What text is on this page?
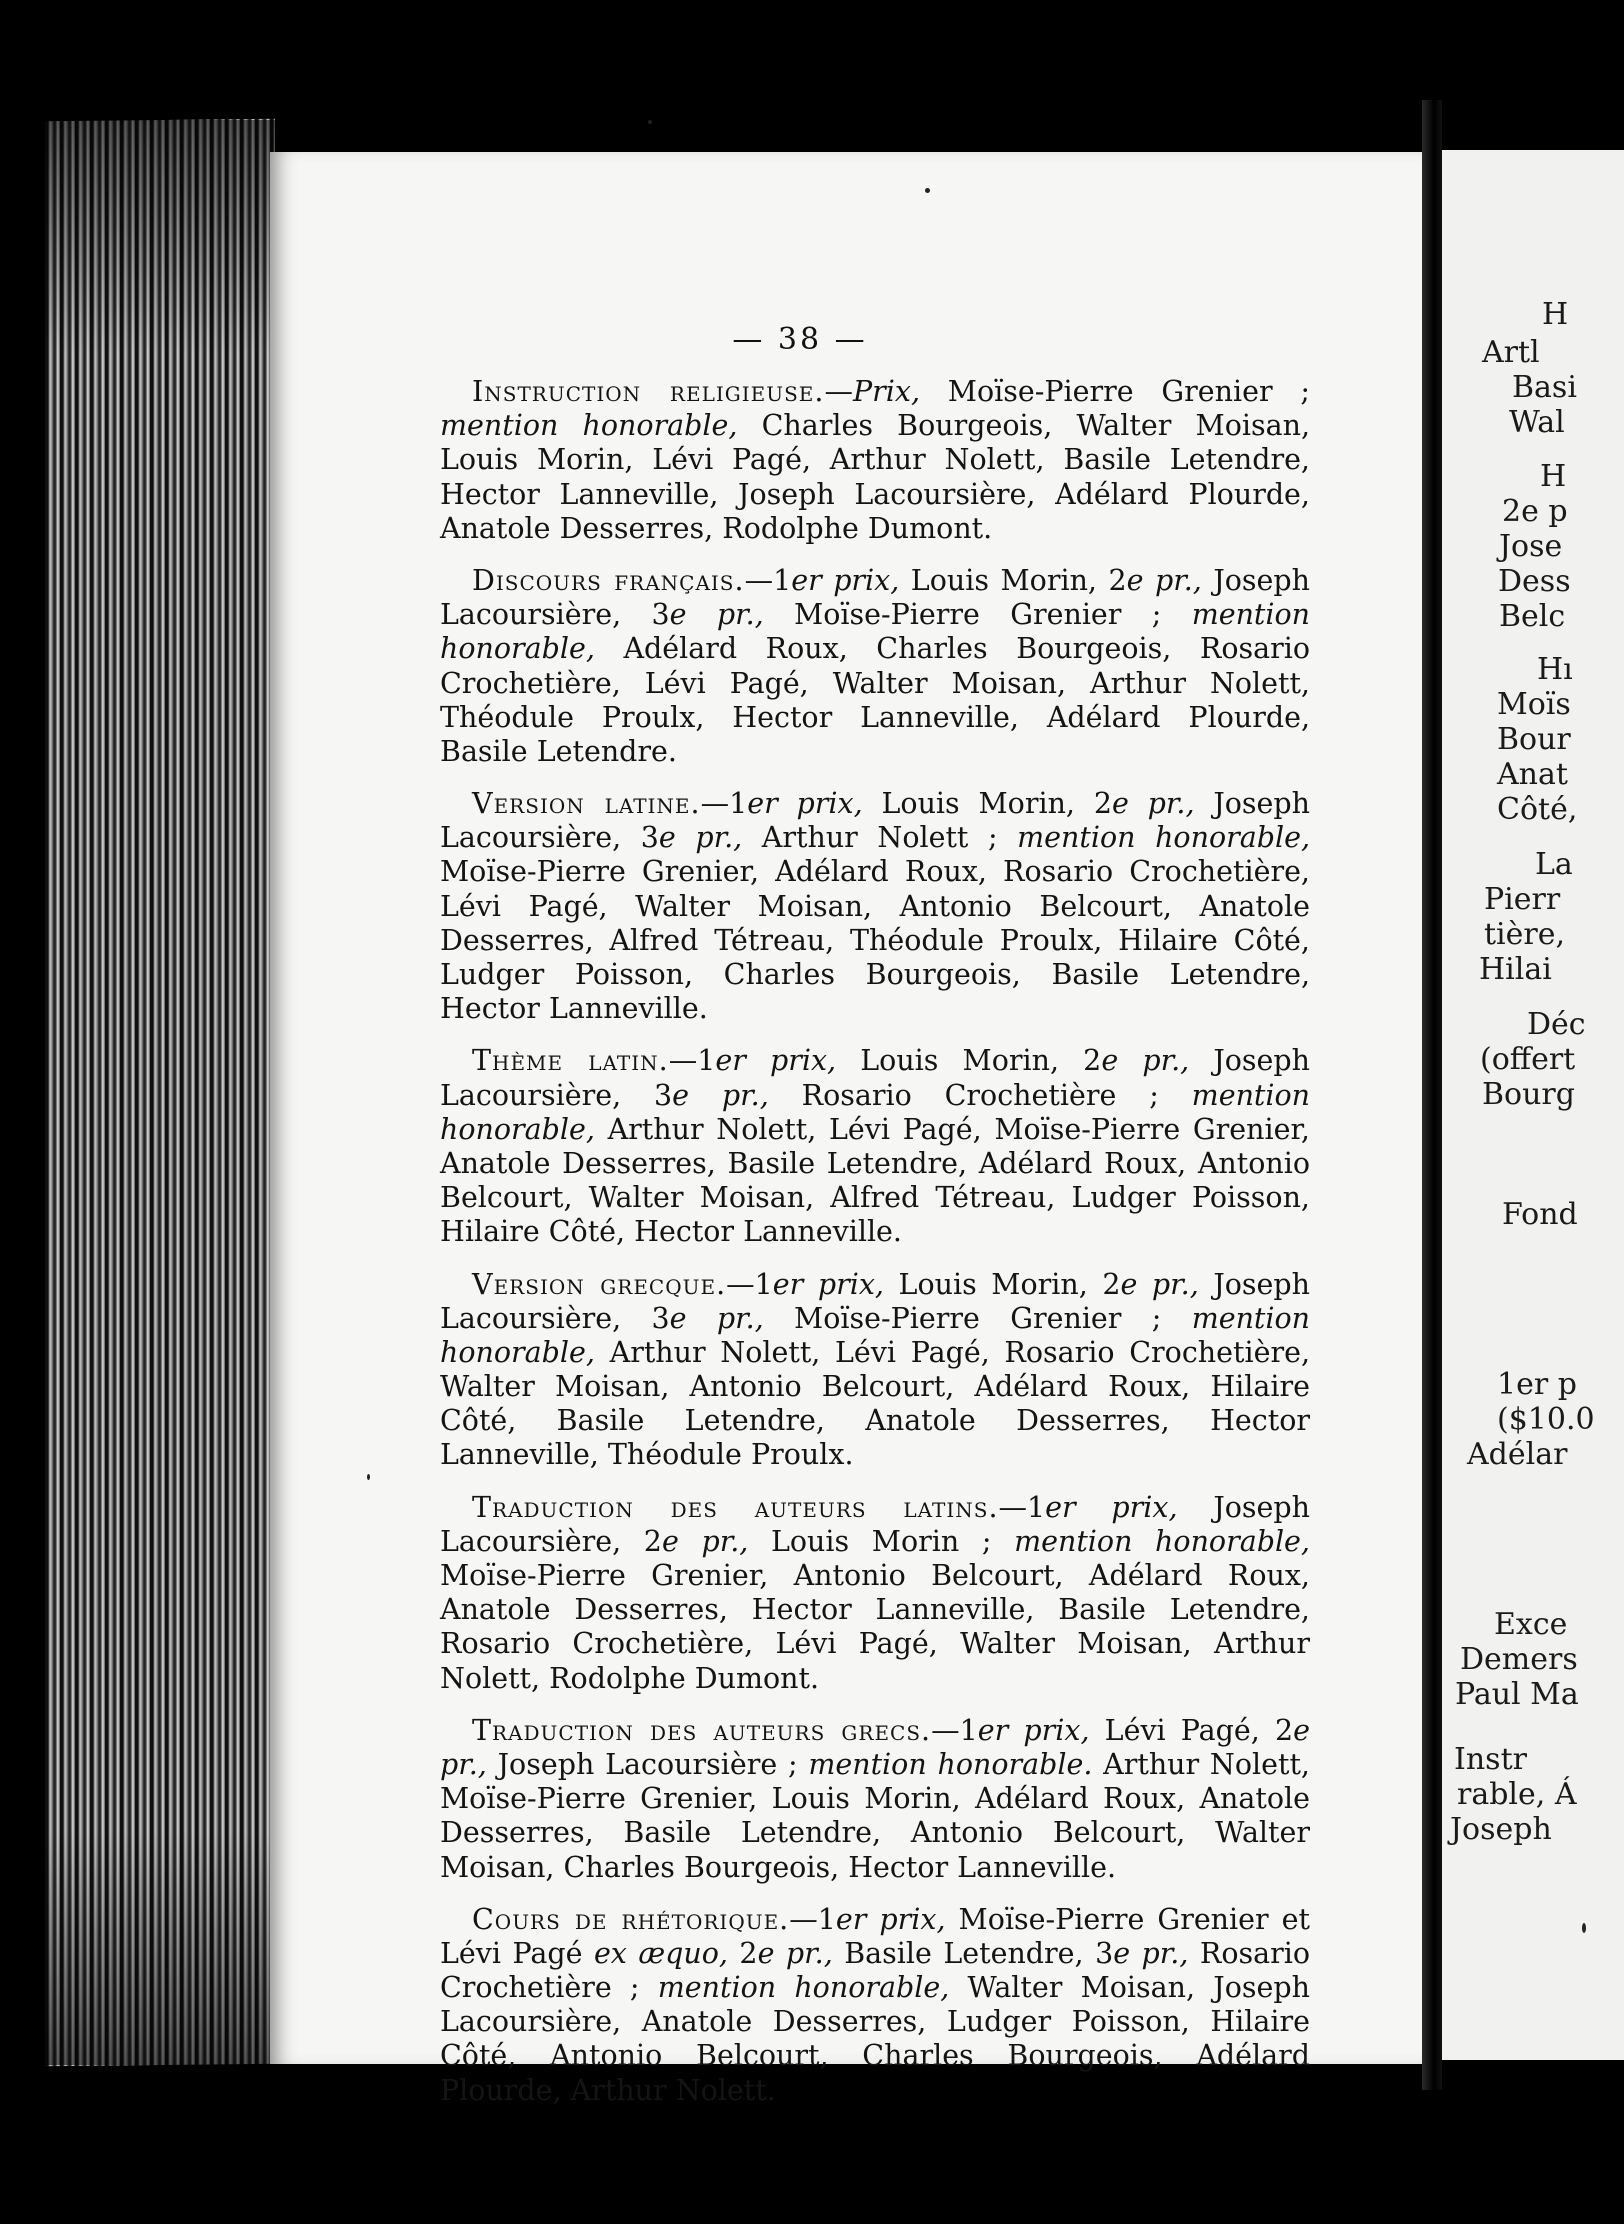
H
Artl
Basi
Wal
H
2e p
Jose
Dess
Belc
Hı
Moïs
Bour
Anat
Côté,
La
Pierr
tière,
Hilai
Déc
(offert
Bourg
Fond
1er p
($10.0
Adélar
Exce
Demers
Paul Ma
Instr
rable, Á
Joseph
— 38 —

Instruction religieuse.—Prix, Moïse-Pierre Grenier ; mention honorable, Charles Bourgeois, Walter Moisan, Louis Morin, Lévi Pagé, Arthur Nolett, Basile Letendre, Hector Lanneville, Joseph Lacoursière, Adélard Plourde, Anatole Desserres, Rodolphe Dumont.

Discours français.—1er prix, Louis Morin, 2e pr., Joseph Lacoursière, 3e pr., Moïse-Pierre Grenier ; mention honorable, Adélard Roux, Charles Bourgeois, Rosario Crochetière, Lévi Pagé, Walter Moisan, Arthur Nolett, Théodule Proulx, Hector Lanneville, Adélard Plourde, Basile Letendre.

Version latine.—1er prix, Louis Morin, 2e pr., Joseph Lacoursière, 3e pr., Arthur Nolett ; mention honorable, Moïse-Pierre Grenier, Adélard Roux, Rosario Crochetière, Lévi Pagé, Walter Moisan, Antonio Belcourt, Anatole Desserres, Alfred Tétreau, Théodule Proulx, Hilaire Côté, Ludger Poisson, Charles Bourgeois, Basile Letendre, Hector Lanneville.

Thème latin.—1er prix, Louis Morin, 2e pr., Joseph Lacoursière, 3e pr., Rosario Crochetière ; mention honorable, Arthur Nolett, Lévi Pagé, Moïse-Pierre Grenier, Anatole Desserres, Basile Letendre, Adélard Roux, Antonio Belcourt, Walter Moisan, Alfred Tétreau, Ludger Poisson, Hilaire Côté, Hector Lanneville.

Version grecque.—1er prix, Louis Morin, 2e pr., Joseph Lacoursière, 3e pr., Moïse-Pierre Grenier ; mention honorable, Arthur Nolett, Lévi Pagé, Rosario Crochetière, Walter Moisan, Antonio Belcourt, Adélard Roux, Hilaire Côté, Basile Letendre, Anatole Desserres, Hector Lanneville, Théodule Proulx.

Traduction des auteurs latins.—1er prix, Joseph Lacoursière, 2e pr., Louis Morin ; mention honorable, Moïse-Pierre Grenier, Antonio Belcourt, Adélard Roux, Anatole Desserres, Hector Lanneville, Basile Letendre, Rosario Crochetière, Lévi Pagé, Walter Moisan, Arthur Nolett, Rodolphe Dumont.

Traduction des auteurs grecs.—1er prix, Lévi Pagé, 2e pr., Joseph Lacoursière ; mention honorable. Arthur Nolett, Moïse-Pierre Grenier, Louis Morin, Adélard Roux, Anatole Desserres, Basile Letendre, Antonio Belcourt, Walter Moisan, Charles Bourgeois, Hector Lanneville.

Cours de rhétorique.—1er prix, Moïse-Pierre Grenier et Lévi Pagé ex æquo, 2e pr., Basile Letendre, 3e pr., Rosario Crochetière ; mention honorable, Walter Moisan, Joseph Lacoursière, Anatole Desserres, Ludger Poisson, Hilaire Côté, Antonio Belcourt, Charles Bourgeois, Adélard Plourde, Arthur Nolett.
